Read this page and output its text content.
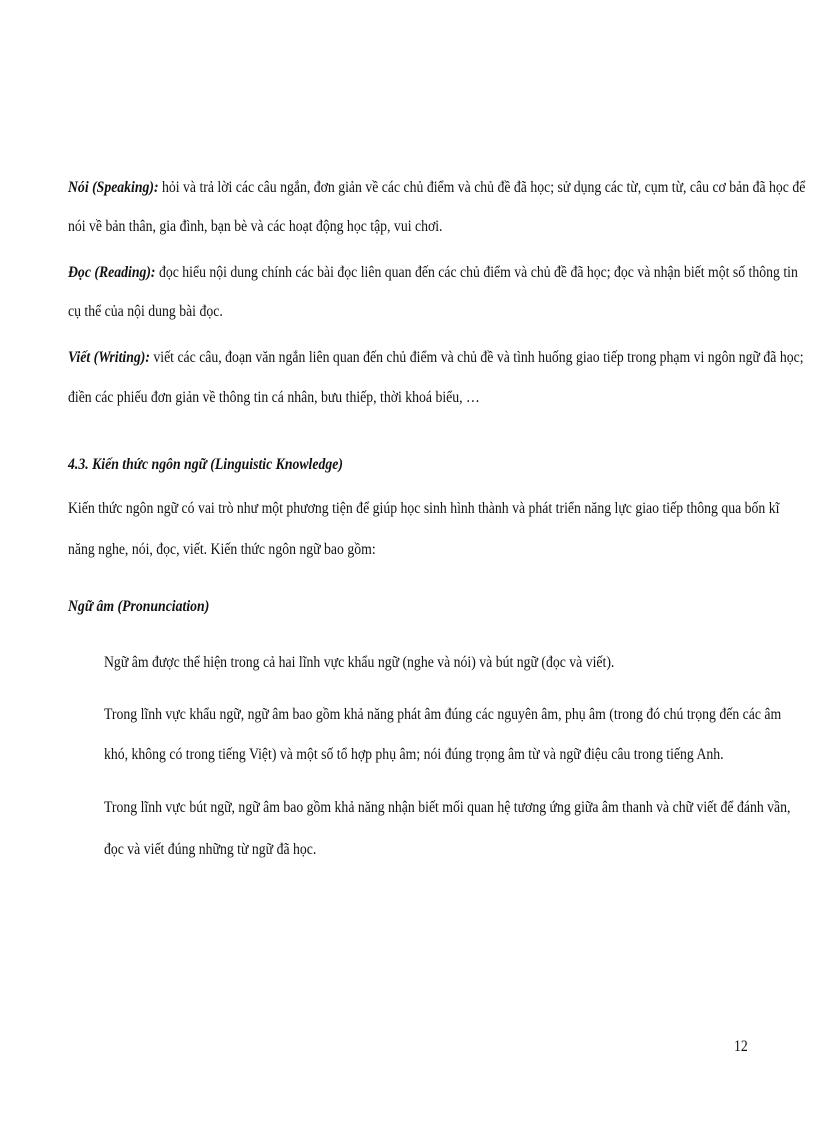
Nói (Speaking): hỏi và trả lời các câu ngắn, đơn giản về các chủ điểm và chủ đề đã học; sử dụng các từ, cụm từ, câu cơ bản đã học để
nói về bản thân, gia đình, bạn bè và các hoạt động học tập, vui chơi.
Đọc (Reading): đọc hiểu nội dung chính các bài đọc liên quan đến các chủ điểm và chủ đề đã học; đọc và nhận biết một số thông tin
cụ thể của nội dung bài đọc.
Viết (Writing): viết các câu, đoạn văn ngắn liên quan đến chủ điểm và chủ đề và tình huống giao tiếp trong phạm vi ngôn ngữ đã học;
điền các phiếu đơn giản về thông tin cá nhân, bưu thiếp, thời khoá biểu, …
4.3. Kiến thức ngôn ngữ (Linguistic Knowledge)
Kiến thức ngôn ngữ có vai trò như một phương tiện để giúp học sinh hình thành và phát triển năng lực giao tiếp thông qua bốn kĩ
năng nghe, nói, đọc, viết. Kiến thức ngôn ngữ bao gồm:
Ngữ âm (Pronunciation)
Ngữ âm được thể hiện trong cả hai lĩnh vực khẩu ngữ (nghe và nói) và bút ngữ (đọc và viết).
Trong lĩnh vực khẩu ngữ, ngữ âm bao gồm khả năng phát âm đúng các nguyên âm, phụ âm (trong đó chú trọng đến các âm
khó, không có trong tiếng Việt) và một số tổ hợp phụ âm; nói đúng trọng âm từ và ngữ điệu câu trong tiếng Anh.
Trong lĩnh vực bút ngữ, ngữ âm bao gồm khả năng nhận biết mối quan hệ tương ứng giữa âm thanh và chữ viết để đánh vần,
đọc và viết đúng những từ ngữ đã học.
12
